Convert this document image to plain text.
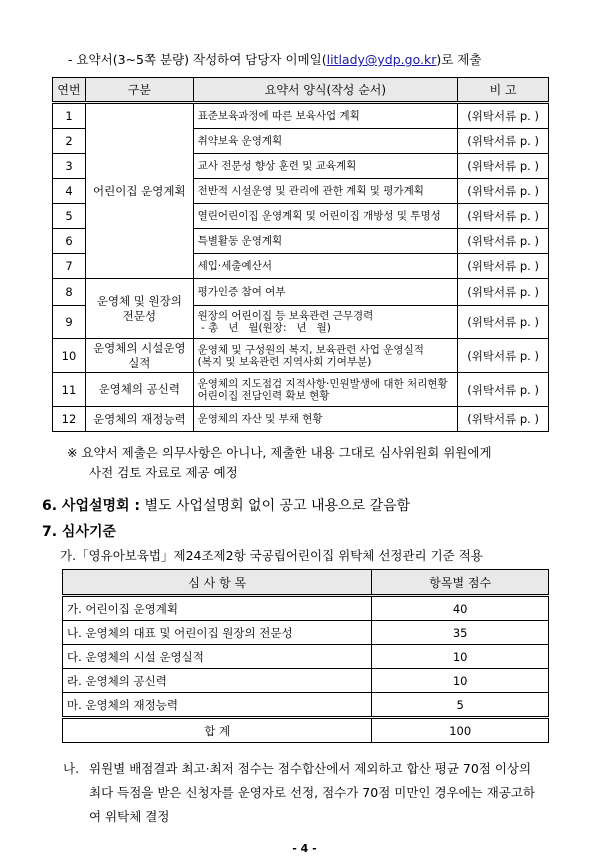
- 요약서(3~5쪽 분량) 작성하여 담당자 이메일(litlady@ydp.go.kr)로 제출
연번	구분	요약서 양식(작성 순서)	비 고
1	어린이집 운영계획	표준보육과정에 따른 보육사업 계획	(위탁서류 p. )
2		취약보육 운영계획	(위탁서류 p. )
3		교사 전문성 향상 훈련 및 교육계획	(위탁서류 p. )
4		전반적 시설운영 및 관리에 관한 계획 및 평가계획	(위탁서류 p. )
5		열린어린이집 운영계획 및 어린이집 개방성 및 투명성	(위탁서류 p. )
6		특별활동 운영계획	(위탁서류 p. )
7		세입·세출예산서	(위탁서류 p. )
8	운영체 및 원장의 전문성	평가인증 참여 여부	(위탁서류 p. )
9		원장의 어린이집 등 보육관련 근무경력
- 총   년   월(원장:   년   월)	(위탁서류 p. )
10	운영체의 시설운영 실적	운영체 및 구성원의 복지, 보육관련 사업 운영실적
(복지 및 보육관련 지역사회 기여부분)	(위탁서류 p. )
11	운영체의 공신력	운영체의 지도점검 지적사항·민원발생에 대한 처리현황
어린이집 전담인력 확보 현황	(위탁서류 p. )
12	운영체의 재정능력	운영체의 자산 및 부채 현황	(위탁서류 p. )
※ 요약서 제출은 의무사항은 아니나, 제출한 내용 그대로 심사위원회 위원에게
사전 검토 자료로 제공 예정
6. 사업설명회 : 별도 사업설명회 없이 공고 내용으로 갈음함
7. 심사기준
가.「영유아보육법」제24조제2항 국공립어린이집 위탁체 선정관리 기준 적용
심 사 항 목	항목별 점수
가. 어린이집 운영계획	40
나. 운영체의 대표 및 어린이집 원장의 전문성	35
다. 운영체의 시설 운영실적	10
라. 운영체의 공신력	10
마. 운영체의 재정능력	5
합 계	100
나. 위원별 배점결과 최고·최저 점수는 점수합산에서 제외하고 합산 평균 70점 이상의 최다 득점을 받은 신청자를 운영자로 선정, 점수가 70점 미만인 경우에는 재공고하여 위탁체 결정
- 4 -
